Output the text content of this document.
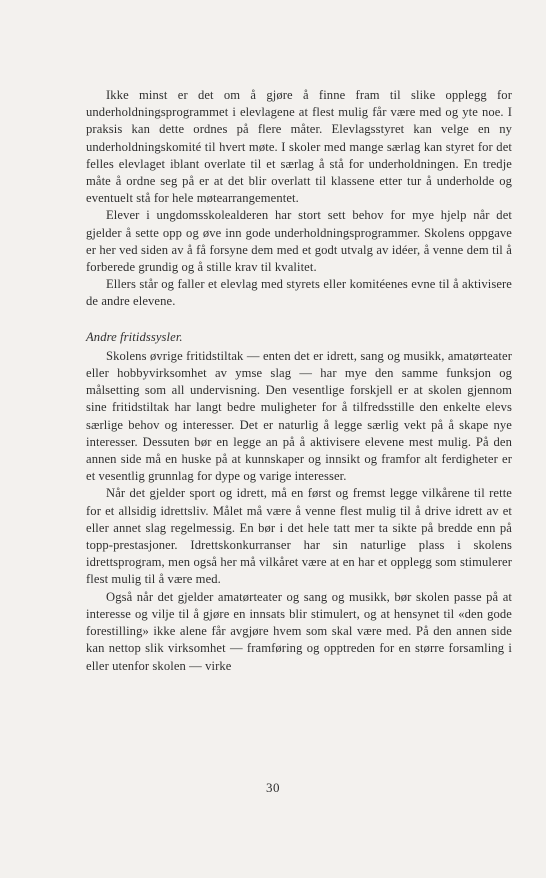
Ikke minst er det om å gjøre å finne fram til slike opplegg for underholdningsprogrammet i elevlagene at flest mulig får være med og yte noe. I praksis kan dette ordnes på flere måter. Elevlagsstyret kan velge en ny underholdningskomité til hvert møte. I skoler med mange særlag kan styret for det felles elevlaget iblant overlate til et særlag å stå for underholdningen. En tredje måte å ordne seg på er at det blir overlatt til klassene etter tur å underholde og eventuelt stå for hele møtearrangementet.

Elever i ungdomsskolealderen har stort sett behov for mye hjelp når det gjelder å sette opp og øve inn gode underholdningsprogrammer. Skolens oppgave er her ved siden av å få forsyne dem med et godt utvalg av idéer, å venne dem til å forberede grundig og å stille krav til kvalitet.

Ellers står og faller et elevlag med styrets eller komitéenes evne til å aktivisere de andre elevene.

Andre fritidssysler.

Skolens øvrige fritidstiltak — enten det er idrett, sang og musikk, amatørteater eller hobbyvirksomhet av ymse slag — har mye den samme funksjon og målsetting som all undervisning. Den vesentlige forskjell er at skolen gjennom sine fritidstiltak har langt bedre muligheter for å tilfredsstille den enkelte elevs særlige behov og interesser. Det er naturlig å legge særlig vekt på å skape nye interesser. Dessuten bør en legge an på å aktivisere elevene mest mulig. På den annen side må en huske på at kunnskaper og innsikt og framfor alt ferdigheter er et vesentlig grunnlag for dype og varige interesser.

Når det gjelder sport og idrett, må en først og fremst legge vilkårene til rette for et allsidig idrettsliv. Målet må være å venne flest mulig til å drive idrett av et eller annet slag regelmessig. En bør i det hele tatt mer ta sikte på bredde enn på topp-prestasjoner. Idrettskonkurranser har sin naturlige plass i skolens idrettsprogram, men også her må vilkåret være at en har et opplegg som stimulerer flest mulig til å være med.

Også når det gjelder amatørteater og sang og musikk, bør skolen passe på at interesse og vilje til å gjøre en innsats blir stimulert, og at hensynet til «den gode forestilling» ikke alene får avgjøre hvem som skal være med. På den annen side kan nettop slik virksomhet — framføring og opptreden for en større forsamling i eller utenfor skolen — virke

30
